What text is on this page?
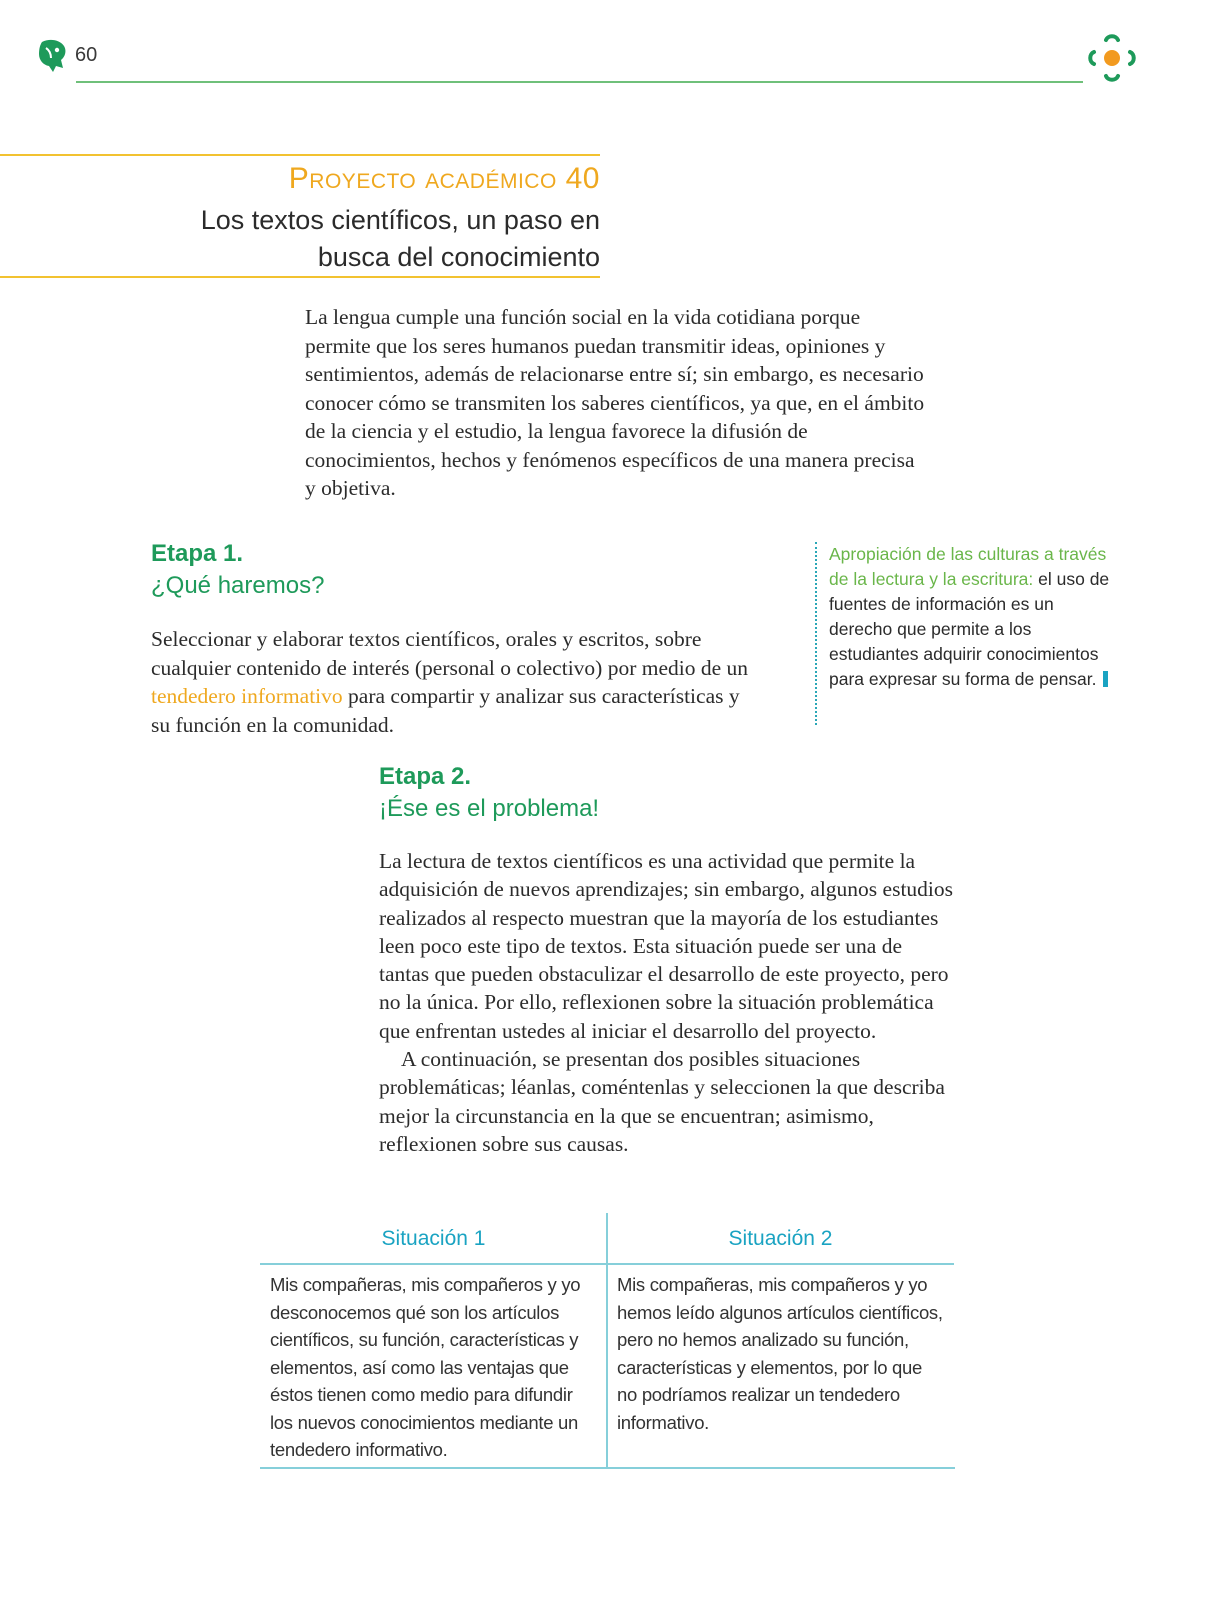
60
Proyecto académico 40
Los textos científicos, un paso en busca del conocimiento

La lengua cumple una función social en la vida cotidiana porque permite que los seres humanos puedan transmitir ideas, opiniones y sentimientos, además de relacionarse entre sí; sin embargo, es necesario conocer cómo se transmiten los saberes científicos, ya que, en el ámbito de la ciencia y el estudio, la lengua favorece la difusión de conocimientos, hechos y fenómenos específicos de una manera precisa y objetiva.

Etapa 1.
¿Qué haremos?

Seleccionar y elaborar textos científicos, orales y escritos, sobre cualquier contenido de interés (personal o colectivo) por medio de un tendedero informativo para compartir y analizar sus características y su función en la comunidad.

Apropiación de las culturas a través de la lectura y la escritura: el uso de fuentes de información es un derecho que permite a los estudiantes adquirir conocimientos para expresar su forma de pensar.
Etapa 2.
¡Ése es el problema!

La lectura de textos científicos es una actividad que permite la adquisición de nuevos aprendizajes; sin embargo, algunos estudios realizados al respecto muestran que la mayoría de los estudiantes leen poco este tipo de textos. Esta situación puede ser una de tantas que pueden obstaculizar el desarrollo de este proyecto, pero no la única. Por ello, reflexionen sobre la situación problemática que enfrentan ustedes al iniciar el desarrollo del proyecto.

A continuación, se presentan dos posibles situaciones problemáticas; léanlas, coméntenlas y seleccionen la que describa mejor la circunstancia en la que se encuentran; asimismo, reflexionen sobre sus causas.

Situación 1
Mis compañeras, mis compañeros y yo desconocemos qué son los artículos científicos, su función, características y elementos, así como las ventajas que éstos tienen como medio para difundir los nuevos conocimientos mediante un tendedero informativo.
Situación 2
Mis compañeras, mis compañeros y yo hemos leído algunos artículos científicos, pero no hemos analizado su función, características y elementos, por lo que no podríamos realizar un tendedero informativo.
